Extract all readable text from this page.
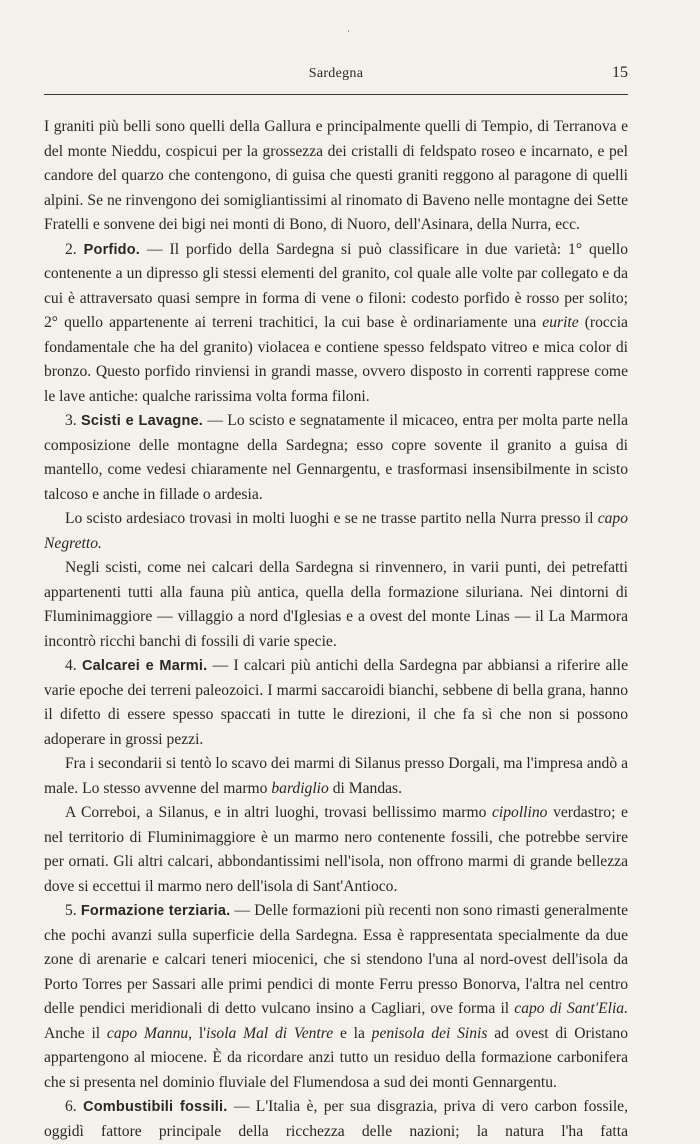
Sardegna	15

I graniti più belli sono quelli della Gallura e principalmente quelli di Tempio, di Terranova e del monte Nieddu, cospicui per la grossezza dei cristalli di feldspato roseo e incarnato, e pel candore del quarzo che contengono, di guisa che questi graniti reggono al paragone di quelli alpini. Se ne rinvengono dei somigliantissimi al rinomato di Baveno nelle montagne dei Sette Fratelli e sonvene dei bigi nei monti di Bono, di Nuoro, dell'Asinara, della Nurra, ecc.

2. Porfido. — Il porfido della Sardegna si può classificare in due varietà: 1° quello contenente a un dipresso gli stessi elementi del granito, col quale alle volte par collegato e da cui è attraversato quasi sempre in forma di vene o filoni: codesto porfido è rosso per solito; 2° quello appartenente ai terreni trachitici, la cui base è ordinariamente una eurite (roccia fondamentale che ha del granito) violacea e contiene spesso feldspato vitreo e mica color di bronzo. Questo porfido rinviensi in grandi masse, ovvero disposto in correnti rapprese come le lave antiche: qualche rarissima volta forma filoni.

3. Scisti e Lavagne. — Lo scisto e segnatamente il micaceo, entra per molta parte nella composizione delle montagne della Sardegna; esso copre sovente il granito a guisa di mantello, come vedesi chiaramente nel Gennargentu, e trasformasi insensibilmente in scisto talcoso e anche in fillade o ardesia.

Lo scisto ardesiaco trovasi in molti luoghi e se ne trasse partito nella Nurra presso il capo Negretto.

Negli scisti, come nei calcari della Sardegna si rinvennero, in varii punti, dei petrefatti appartenenti tutti alla fauna più antica, quella della formazione siluriana. Nei dintorni di Fluminimaggiore — villaggio a nord d'Iglesias e a ovest del monte Linas — il La Marmora incontrò ricchi banchi di fossili di varie specie.

4. Calcarei e Marmi. — I calcari più antichi della Sardegna par abbiansi a riferire alle varie epoche dei terreni paleozoici. I marmi saccaroidi bianchi, sebbene di bella grana, hanno il difetto di essere spesso spaccati in tutte le direzioni, il che fa sì che non si possono adoperare in grossi pezzi.

Fra i secondarii si tentò lo scavo dei marmi di Silanus presso Dorgali, ma l'impresa andò a male. Lo stesso avvenne del marmo bardiglio di Mandas.

A Correboi, a Silanus, e in altri luoghi, trovasi bellissimo marmo cipollino verdastro; e nel territorio di Fluminimaggiore è un marmo nero contenente fossili, che potrebbe servire per ornati. Gli altri calcari, abbondantissimi nell'isola, non offrono marmi di grande bellezza dove si eccettui il marmo nero dell'isola di Sant'Antioco.

5. Formazione terziaria. — Delle formazioni più recenti non sono rimasti generalmente che pochi avanzi sulla superficie della Sardegna. Essa è rappresentata specialmente da due zone di arenarie e calcari teneri miocenici, che si stendono l'una al nord-ovest dell'isola da Porto Torres per Sassari alle primi pendici di monte Ferru presso Bonorva, l'altra nel centro delle pendici meridionali di detto vulcano insino a Cagliari, ove forma il capo di Sant'Elia. Anche il capo Mannu, l'isola Mal di Ventre e la penisola dei Sinis ad ovest di Oristano appartengono al miocene. È da ricordare anzi tutto un residuo della formazione carbonifera che si presenta nel dominio fluviale del Flumendosa a sud dei monti Gennargentu.

6. Combustibili fossili. — L'Italia è, per sua disgrazia, priva di vero carbon fossile, oggidì fattore principale della ricchezza delle nazioni; la natura l'ha fatta
